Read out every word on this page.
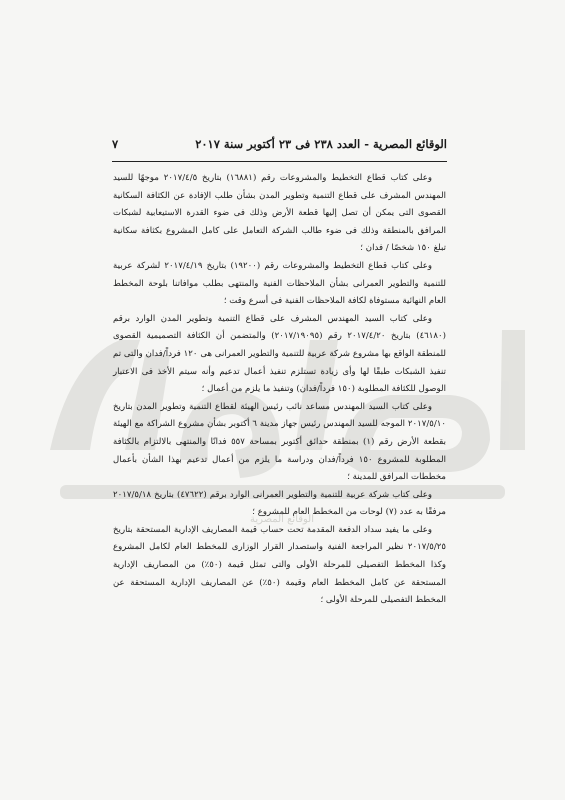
الوقائع المصرية
الوقائع المصرية - العدد ٢٣٨ فى ٢٣ أكتوبر سنة ٢٠١٧
٧

وعلى كتاب قطاع التخطيط والمشروعات رقم (١٦٨٨١) بتاريخ ٢٠١٧/٤/٥ موجهًا للسيد المهندس المشرف على قطاع التنمية وتطوير المدن بشأن طلب الإفادة عن الكثافة السكانية القصوى التى يمكن أن تصل إليها قطعة الأرض وذلك فى ضوء القدرة الاستيعابية لشبكات المرافق بالمنطقة وذلك فى ضوء طالب الشركة التعامل على كامل المشروع بكثافة سكانية تبلغ ١٥٠ شخصًا / فدان ؛

وعلى كتاب قطاع التخطيط والمشروعات رقم (١٩٢٠٠) بتاريخ ٢٠١٧/٤/١٩ لشركة عربية للتنمية والتطوير العمرانى بشأن الملاحظات الفنية والمنتهى بطلب موافاتنا بلوحة المخطط العام النهائية مستوفاة لكافة الملاحظات الفنية فى أسرع وقت ؛

وعلى كتاب السيد المهندس المشرف على قطاع التنمية وتطوير المدن الوارد برقم (٤٦١٨٠) بتاريخ ٢٠١٧/٤/٢٠ رقم (٢٠١٧/١٩٠٩٥) والمتضمن أن الكثافة التصميمية القصوى للمنطقة الواقع بها مشروع شركة عربية للتنمية والتطوير العمرانى هى ١٢٠ فرداً/فدان والتى تم تنفيذ الشبكات طبقًا لها وأى زيادة تستلزم تنفيذ أعمال تدعيم وأنه سيتم الأخذ فى الاعتبار الوصول للكثافة المطلوبة (١٥٠ فرداً/فدان) وتنفيذ ما يلزم من أعمال ؛

وعلى كتاب السيد المهندس مساعد نائب رئيس الهيئة لقطاع التنمية وتطوير المدن بتاريخ ٢٠١٧/٥/١٠ الموجه للسيد المهندس رئيس جهاز مدينة ٦ أكتوبر بشأن مشروع الشراكة مع الهيئة بقطعة الأرض رقم (١) بمنطقة حدائق أكتوبر بمساحة ٥٥٧ فدانًا والمنتهى بالالتزام بالكثافة المطلوبة للمشروع ١٥٠ فرداً/فدان ودراسة ما يلزم من أعمال تدعيم بهذا الشأن بأعمال مخططات المرافق للمدينة ؛

وعلى كتاب شركة عربية للتنمية والتطوير العمرانى الوارد برقم (٤٧٦٢٢) بتاريخ ٢٠١٧/٥/١٨ مرفقًا به عدد (٧) لوحات من المخطط العام للمشروع ؛

وعلى ما يفيد سداد الدفعة المقدمة تحت حساب قيمة المصاريف الإدارية المستحقة بتاريخ ٢٠١٧/٥/٢٥ نظير المراجعة الفنية واستصدار القرار الوزارى للمخطط العام لكامل المشروع وكذا المخطط التفصيلى للمرحلة الأولى والتى تمثل قيمة (٥٠٪) من المصاريف الإدارية المستحقة عن كامل المخطط العام وقيمة (٥٠٪) عن المصاريف الإدارية المستحقة عن المخطط التفصيلى للمرحلة الأولى ؛
